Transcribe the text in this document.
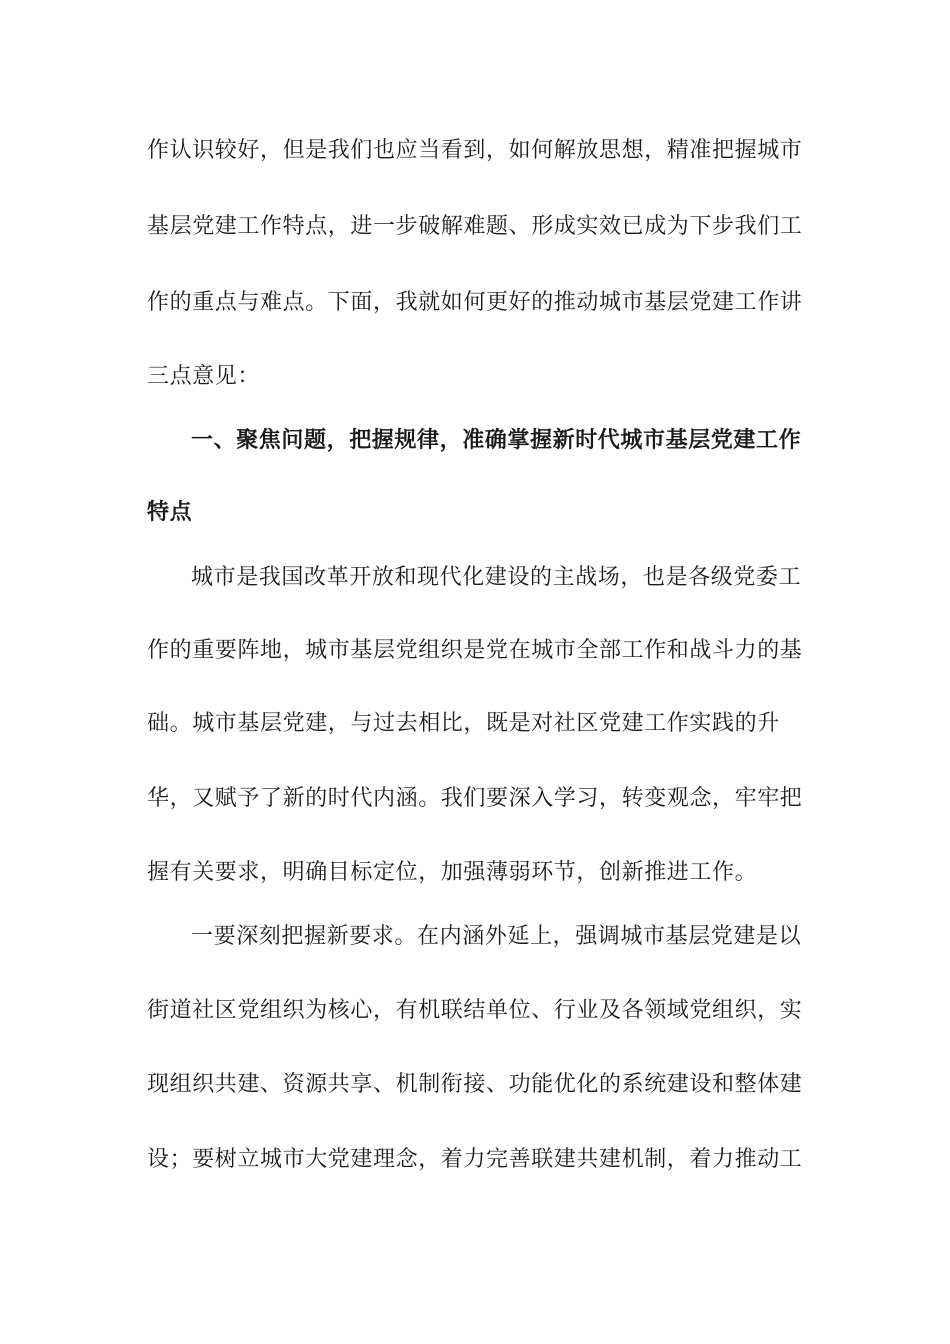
作认识较好，但是我们也应当看到，如何解放思想，精准把握城市
基层党建工作特点，进一步破解难题、形成实效已成为下步我们工
作的重点与难点。下面，我就如何更好的推动城市基层党建工作讲
三点意见：
一、聚焦问题，把握规律，准确掌握新时代城市基层党建工作
特点
城市是我国改革开放和现代化建设的主战场，也是各级党委工
作的重要阵地，城市基层党组织是党在城市全部工作和战斗力的基
础。城市基层党建，与过去相比，既是对社区党建工作实践的升
华，又赋予了新的时代内涵。我们要深入学习，转变观念，牢牢把
握有关要求，明确目标定位，加强薄弱环节，创新推进工作。
一要深刻把握新要求。在内涵外延上，强调城市基层党建是以
街道社区党组织为核心，有机联结单位、行业及各领域党组织，实
现组织共建、资源共享、机制衔接、功能优化的系统建设和整体建
设；要树立城市大党建理念，着力完善联建共建机制，着力推动工
